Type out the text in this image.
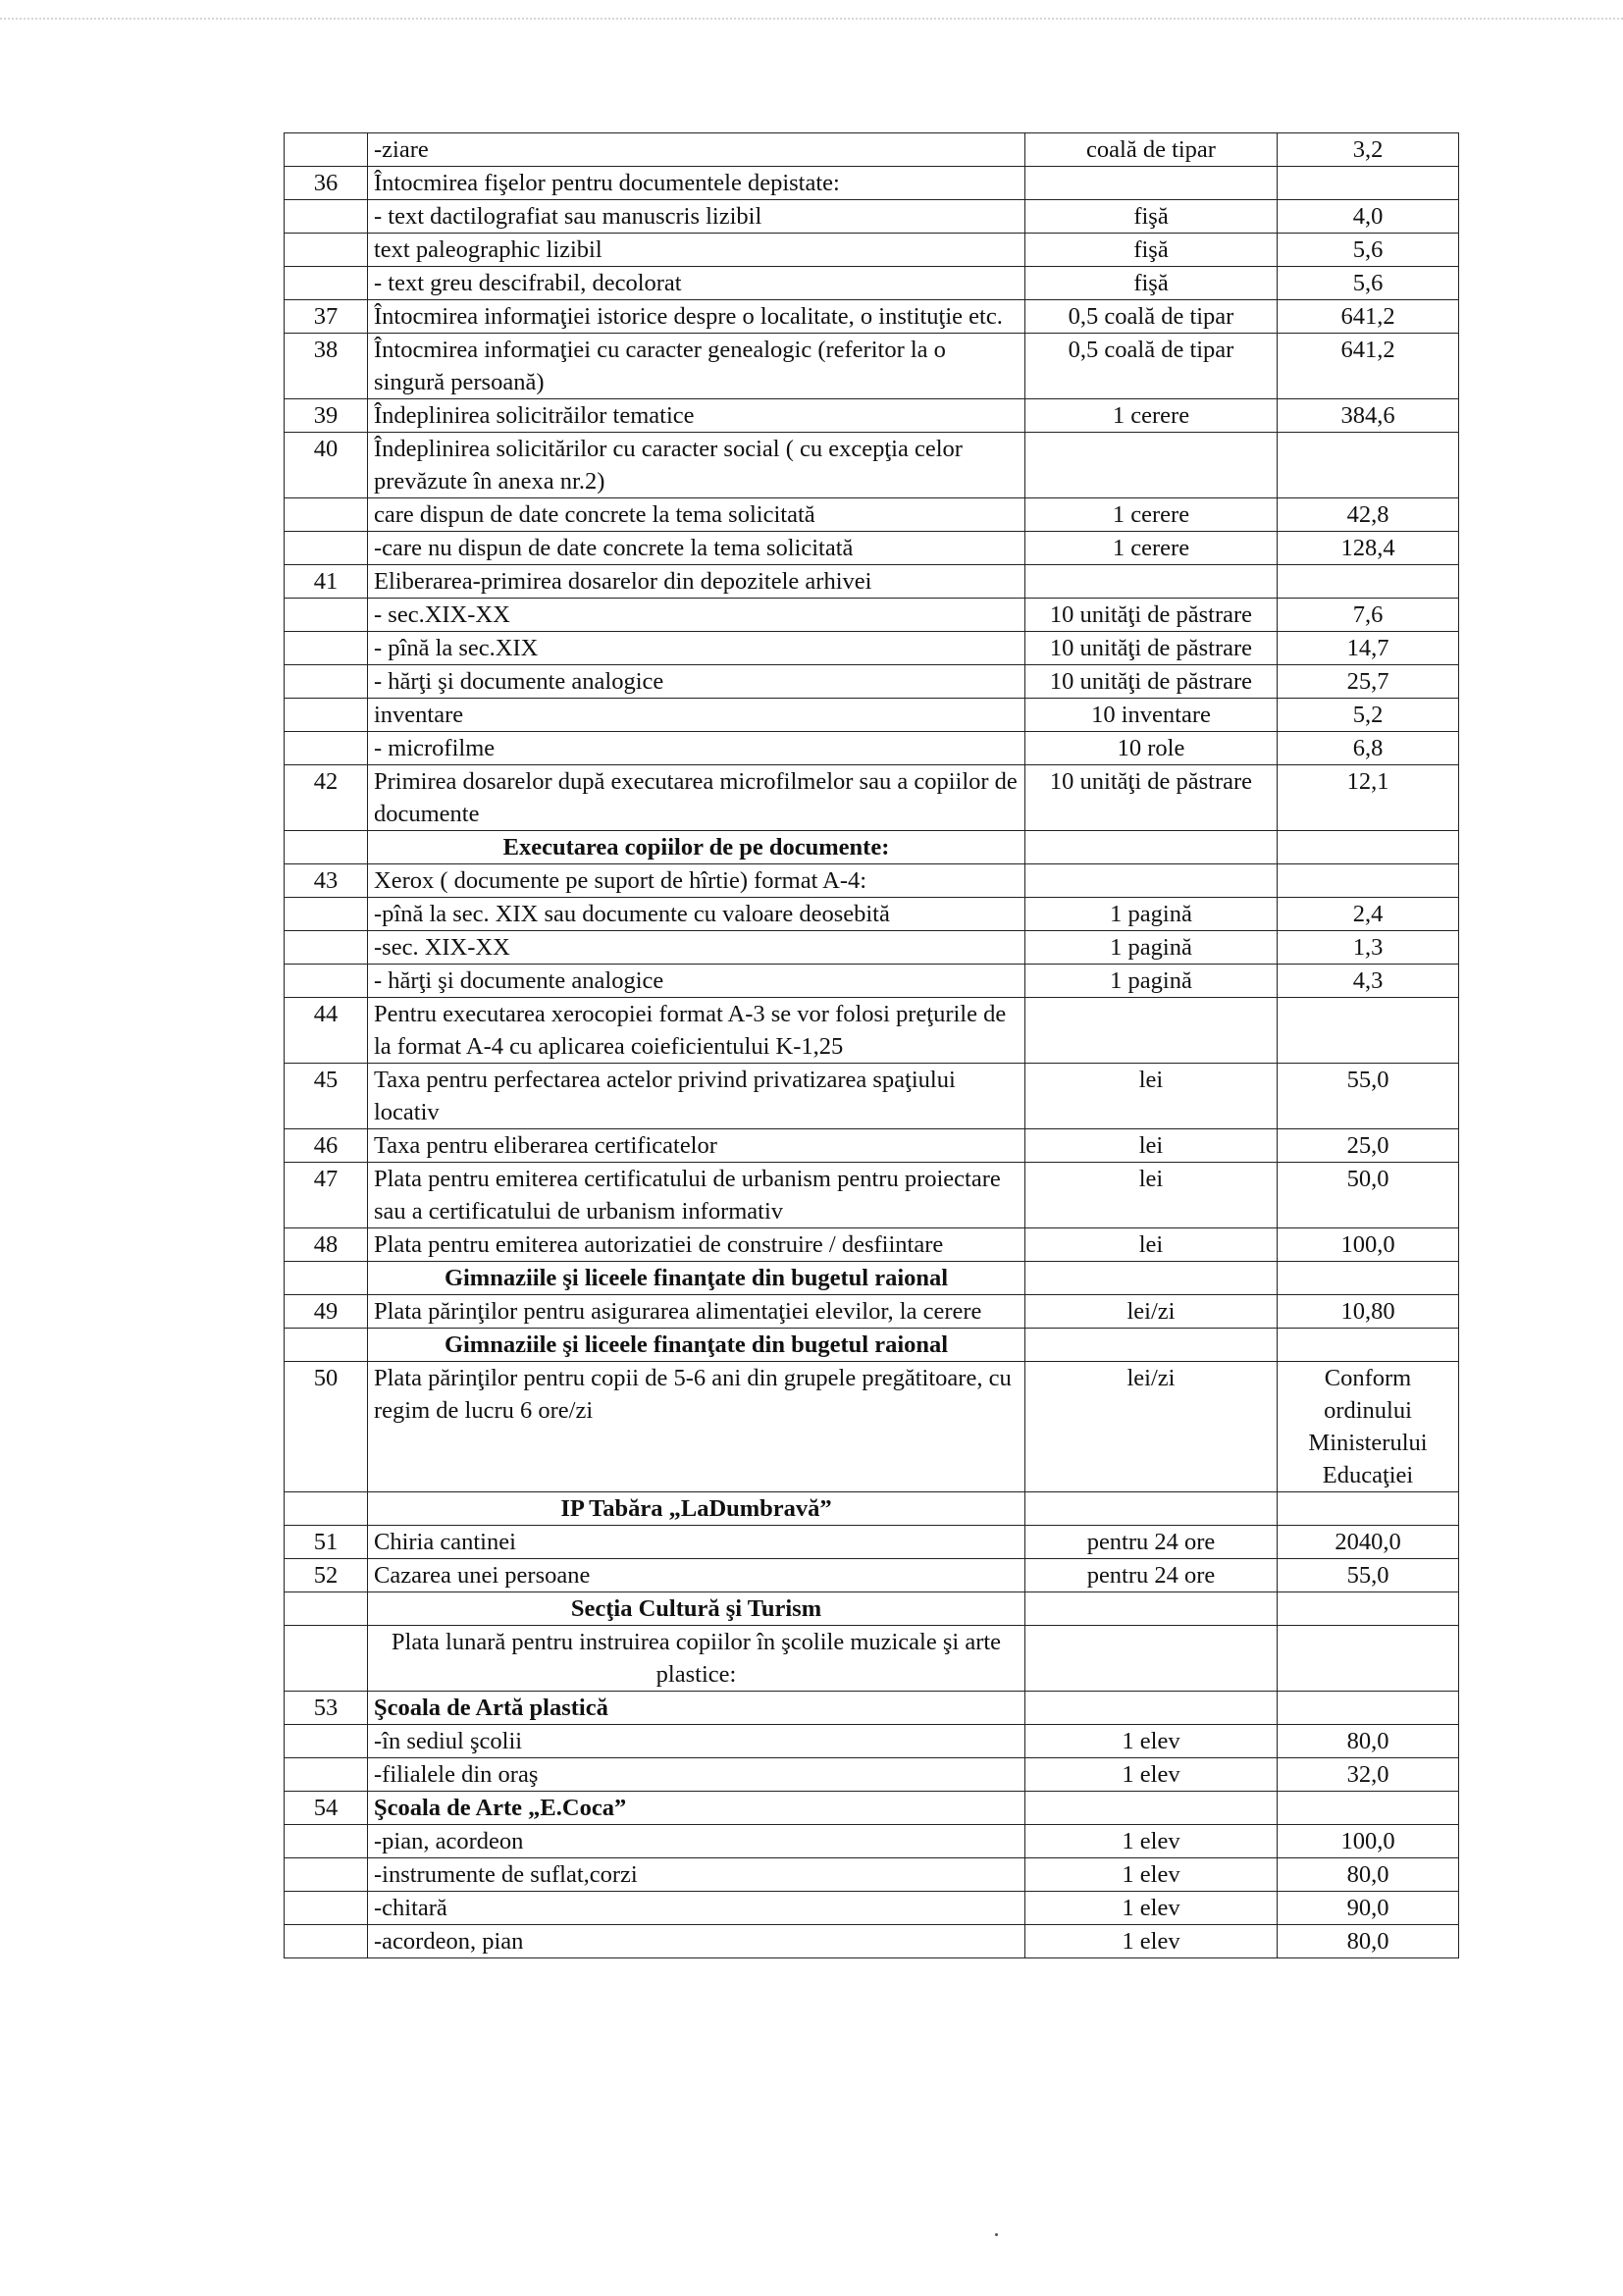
	-ziare	coală de tipar	3,2
36	Întocmirea fişelor pentru documentele depistate:		
	- text dactilografiat sau manuscris lizibil	fişă	4,0
	text paleographic lizibil	fişă	5,6
	- text greu descifrabil, decolorat	fişă	5,6
37	Întocmirea informaţiei istorice despre o localitate, o instituţie etc.	0,5 coală de tipar	641,2
38	Întocmirea informaţiei cu caracter genealogic (referitor la o singură persoană)	0,5 coală de tipar	641,2
39	Îndeplinirea solicitrăilor tematice	1 cerere	384,6
40	Îndeplinirea solicitărilor cu caracter social ( cu excepţia celor prevăzute în anexa nr.2)		
	care dispun de date concrete la tema solicitată	1 cerere	42,8
	-care nu dispun de date concrete la tema solicitată	1 cerere	128,4
41	Eliberarea-primirea dosarelor din depozitele arhivei		
	- sec.XIX-XX	10 unităţi de păstrare	7,6
	- pînă la sec.XIX	10 unităţi de păstrare	14,7
	- hărţi şi documente analogice	10 unităţi de păstrare	25,7
	inventare	10 inventare	5,2
	- microfilme	10 role	6,8
42	Primirea dosarelor după executarea microfilmelor sau a copiilor de documente	10 unităţi de păstrare	12,1
	Executarea copiilor de pe documente:		
43	Xerox ( documente pe suport de hîrtie) format A-4:		
	-pînă la sec. XIX sau documente cu valoare deosebită	1 pagină	2,4
	-sec. XIX-XX	1 pagină	1,3
	- hărţi şi documente analogice	1 pagină	4,3
44	Pentru executarea xerocopiei format A-3 se vor folosi preţurile de la format A-4 cu aplicarea coieficientului K-1,25		
45	Taxa pentru perfectarea actelor privind privatizarea spaţiului locativ	lei	55,0
46	Taxa pentru eliberarea certificatelor	lei	25,0
47	Plata pentru emiterea certificatului de urbanism pentru proiectare sau a certificatului de urbanism informativ	lei	50,0
48	Plata pentru emiterea autorizatiei de construire / desfiintare	lei	100,0
	Gimnaziile şi liceele finanţate din bugetul raional		
49	Plata părinţilor pentru asigurarea alimentaţiei elevilor, la cerere	lei/zi	10,80
	Gimnaziile şi liceele finanţate din bugetul raional		
50	Plata părinţilor pentru copii de 5-6 ani din grupele pregătitoare, cu regim de lucru 6 ore/zi	lei/zi	Conform ordinului Ministerului Educaţiei
	IP Tabăra „LaDumbravă”		
51	Chiria cantinei	pentru 24 ore	2040,0
52	Cazarea unei persoane	pentru 24 ore	55,0
	Secţia Cultură şi Turism		
	Plata lunară pentru instruirea copiilor în şcolile muzicale şi arte plastice:		
53	Şcoala de Artă plastică		
	-în sediul şcolii	1 elev	80,0
	-filialele din oraş	1 elev	32,0
54	Şcoala de Arte „E.Coca”		
	-pian, acordeon	1 elev	100,0
	-instrumente de suflat,corzi	1 elev	80,0
	-chitară	1 elev	90,0
	-acordeon, pian	1 elev	80,0
